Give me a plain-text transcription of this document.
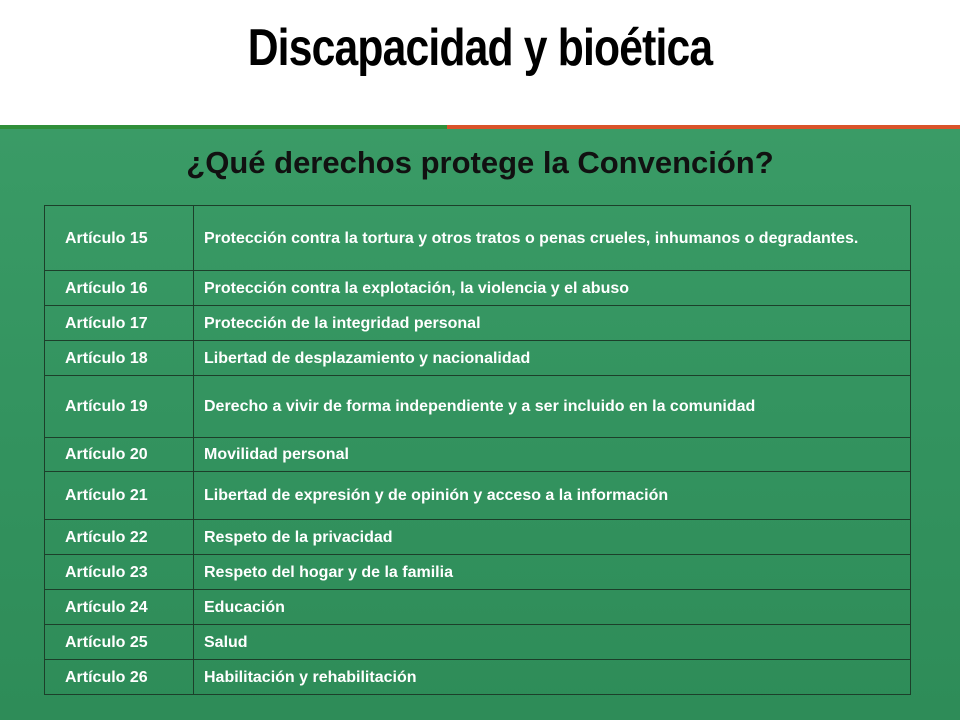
Discapacidad y bioética
¿Qué derechos protege la Convención?
Artículo 15	Protección contra la tortura y otros tratos o penas crueles, inhumanos o degradantes.
Artículo 16	Protección contra la explotación, la violencia y el abuso
Artículo 17	Protección de la integridad personal
Artículo 18	Libertad de desplazamiento y nacionalidad
Artículo 19	Derecho a vivir de forma independiente y a ser incluido en la comunidad
Artículo 20	Movilidad personal
Artículo 21	Libertad de expresión y de opinión y acceso a la información
Artículo 22	Respeto de la privacidad
Artículo 23	Respeto del hogar y de la familia
Artículo 24	Educación
Artículo 25	Salud
Artículo 26	Habilitación y rehabilitación
